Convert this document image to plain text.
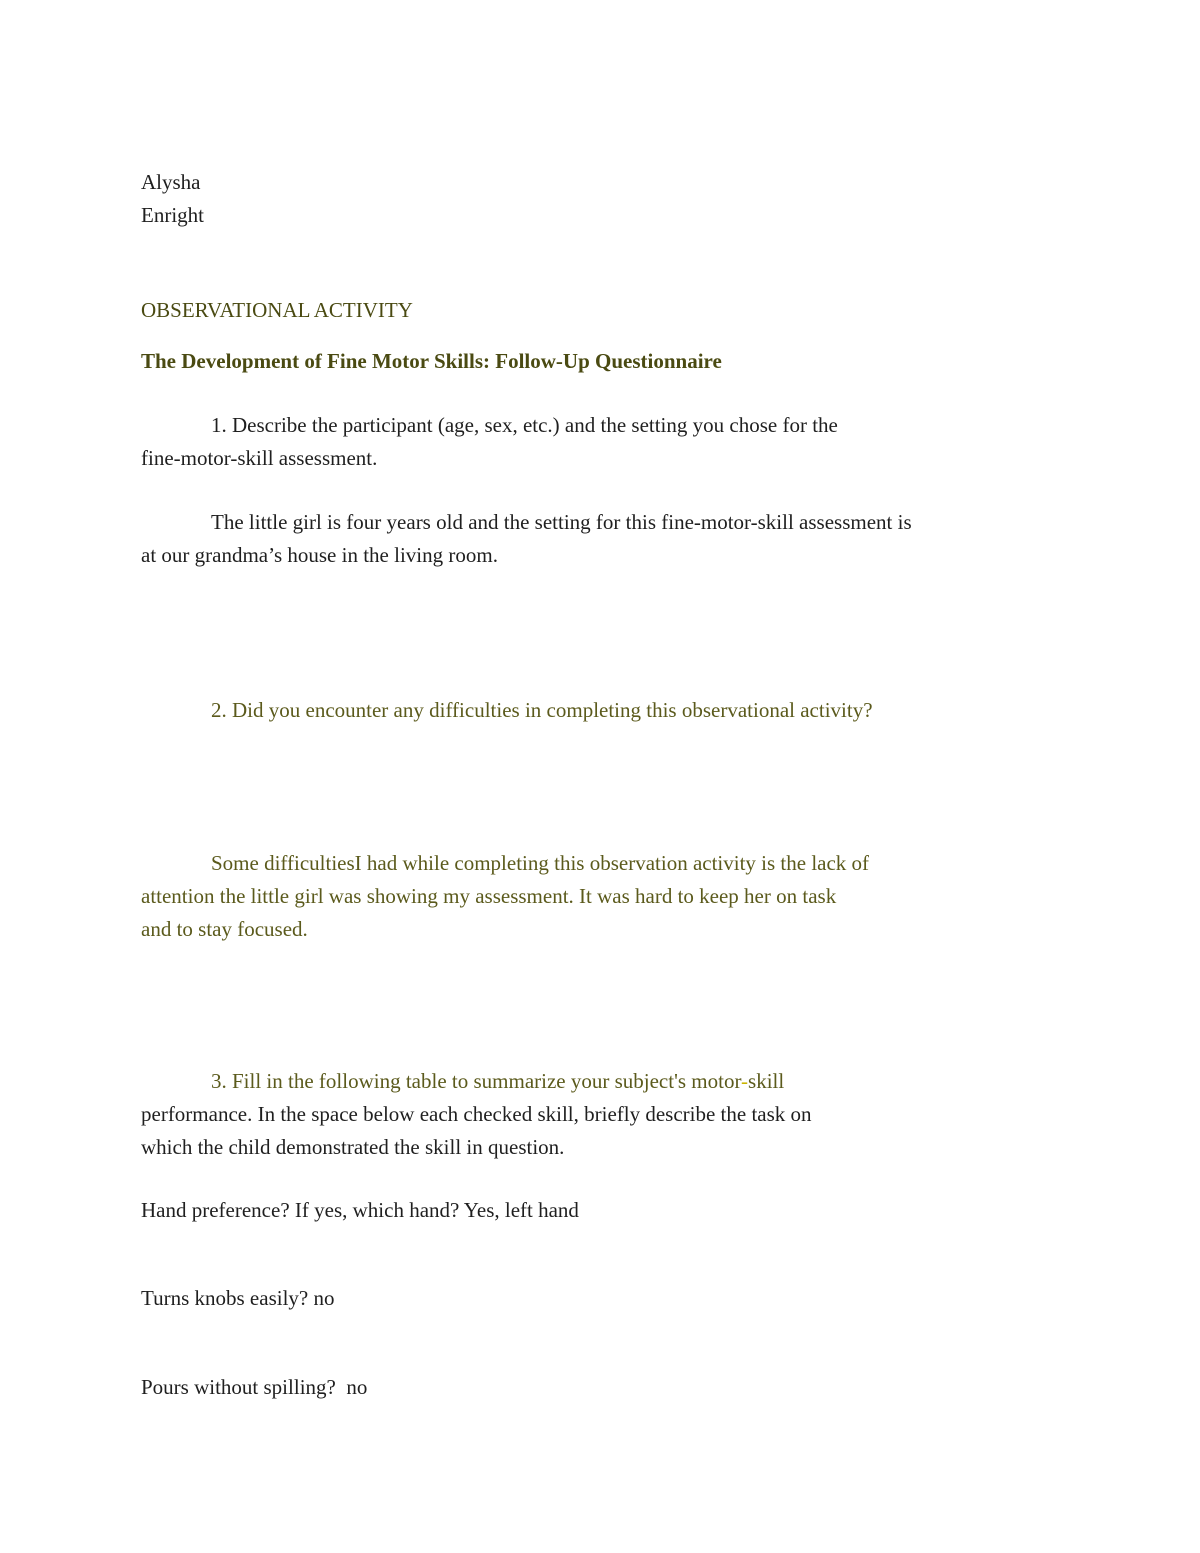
Alysha
Enright
OBSERVATIONAL ACTIVITY
The Development of Fine Motor Skills: Follow-Up Questionnaire
1. Describe the participant (age, sex, etc.) and the setting you chose for the
fine-motor-skill assessment.
The little girl is four years old and the setting for this fine-motor-skill assessment is
at our grandma’s house in the living room.
2. Did you encounter any difficulties in completing this observational activity?
Some difficultiesI had while completing this observation activity is the lack of
attention the little girl was showing my assessment. It was hard to keep her on task
and to stay focused.
3. Fill in the following table to summarize your subject's motor-skill
performance. In the space below each checked skill, briefly describe the task on
which the child demonstrated the skill in question.
Hand preference? If yes, which hand? Yes, left hand
Turns knobs easily? no
Pours without spilling?  no
